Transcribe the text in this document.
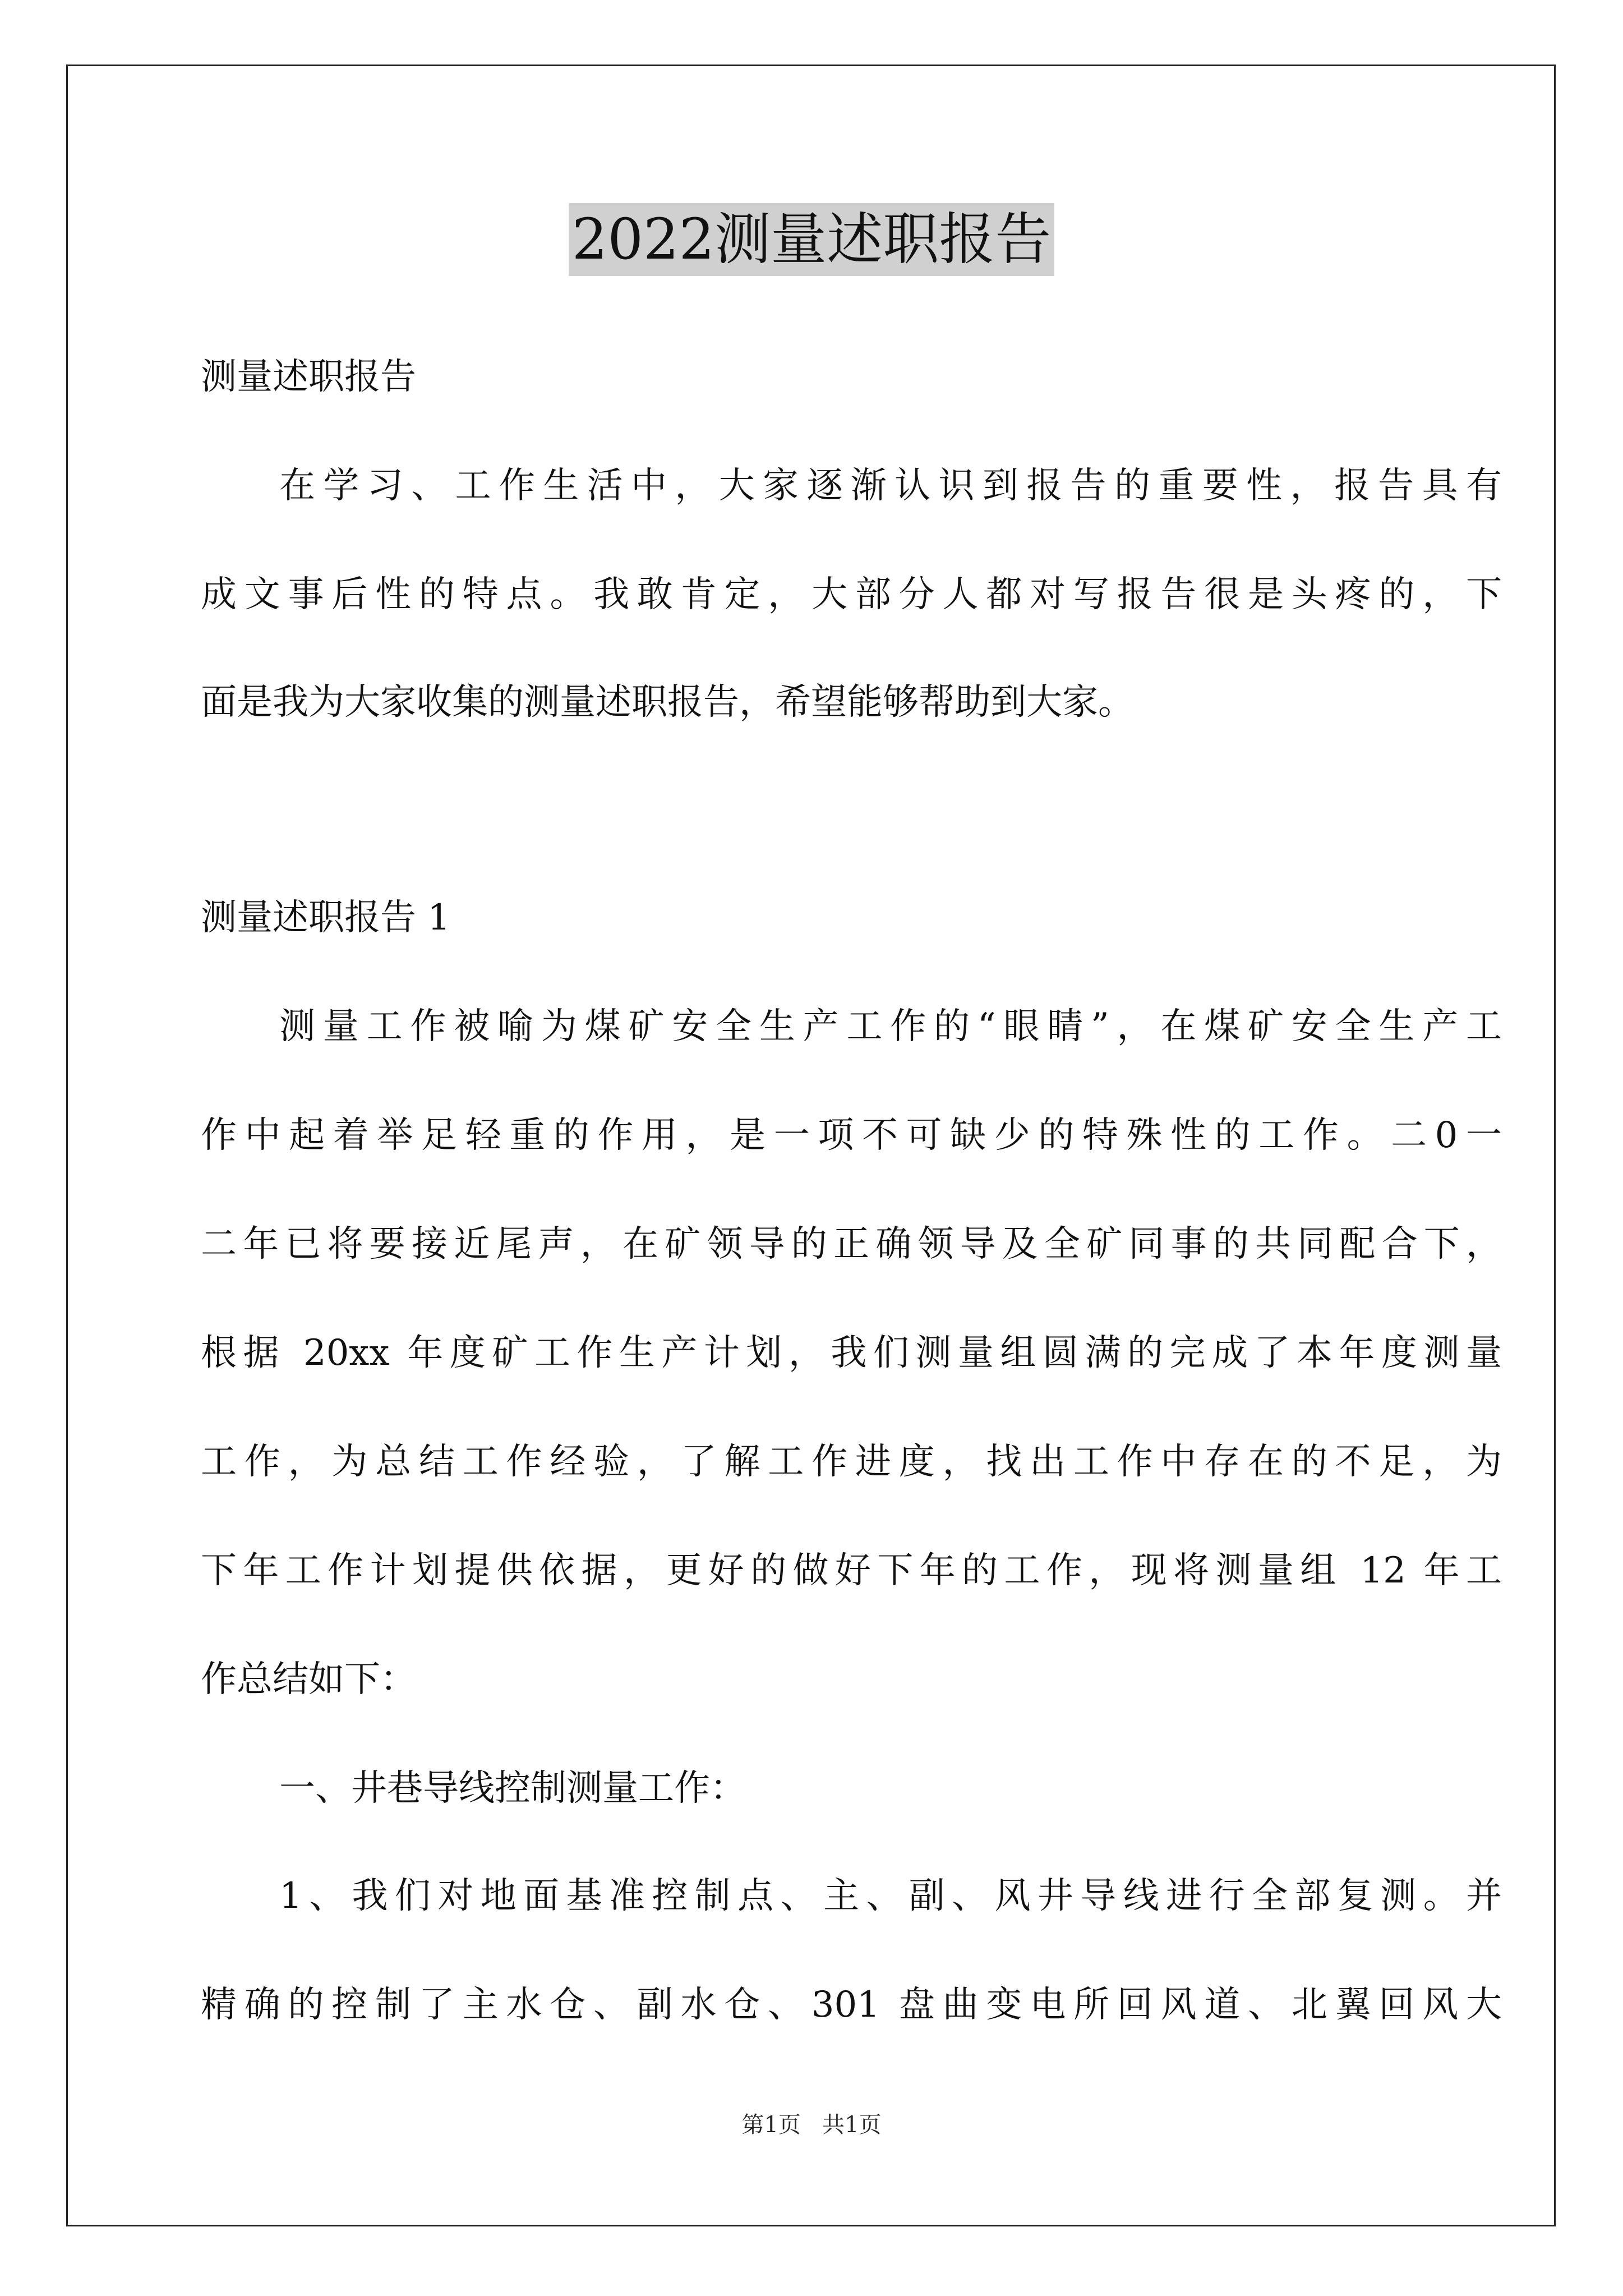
2022测量述职报告

测量述职报告

在学习、工作生活中，大家逐渐认识到报告的重要性，报告具有

成文事后性的特点。我敢肯定，大部分人都对写报告很是头疼的，下

面是我为大家收集的测量述职报告，希望能够帮助到大家。

测量述职报告 1

测量工作被喻为煤矿安全生产工作的“眼睛”，在煤矿安全生产工

作中起着举足轻重的作用，是一项不可缺少的特殊性的工作。二0一

二年已将要接近尾声，在矿领导的正确领导及全矿同事的共同配合下，

根据 20xx 年度矿工作生产计划，我们测量组圆满的完成了本年度测量

工作，为总结工作经验，了解工作进度，找出工作中存在的不足，为

下年工作计划提供依据，更好的做好下年的工作，现将测量组 12 年工

作总结如下：

一、井巷导线控制测量工作：

1、我们对地面基准控制点、主、副、风井导线进行全部复测。并

精确的控制了主水仓、副水仓、301 盘曲变电所回风道、北翼回风大

第1页   共1页
